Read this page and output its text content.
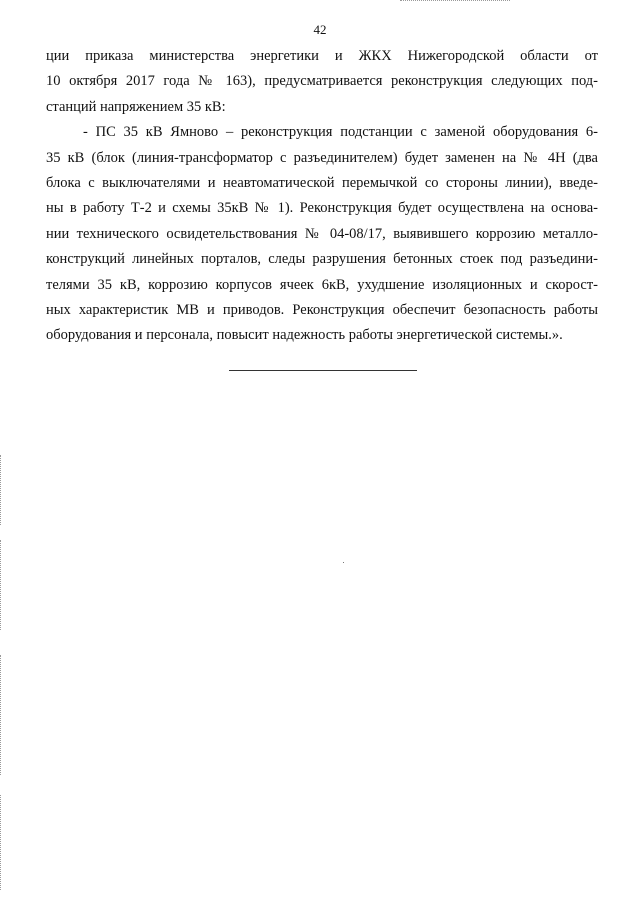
42
ции приказа министерства энергетики и ЖКХ Нижегородской области от
10 октября 2017 года № 163), предусматривается реконструкция следующих под-
станций напряжением 35 кВ:
- ПС 35 кВ Ямново – реконструкция подстанции с заменой оборудования 6-
35 кВ (блок (линия-трансформатор с разъединителем) будет заменен на № 4Н (два
блока с выключателями и неавтоматической перемычкой со стороны линии), введе-
ны в работу Т-2 и схемы 35кВ № 1). Реконструкция будет осуществлена на основа-
нии технического освидетельствования № 04-08/17, выявившего коррозию металло-
конструкций линейных порталов, следы разрушения бетонных стоек под разъедини-
телями 35 кВ, коррозию корпусов ячеек 6кВ, ухудшение изоляционных и скорост-
ных характеристик МВ и приводов. Реконструкция обеспечит безопасность работы
оборудования и персонала, повысит надежность работы энергетической системы.».
